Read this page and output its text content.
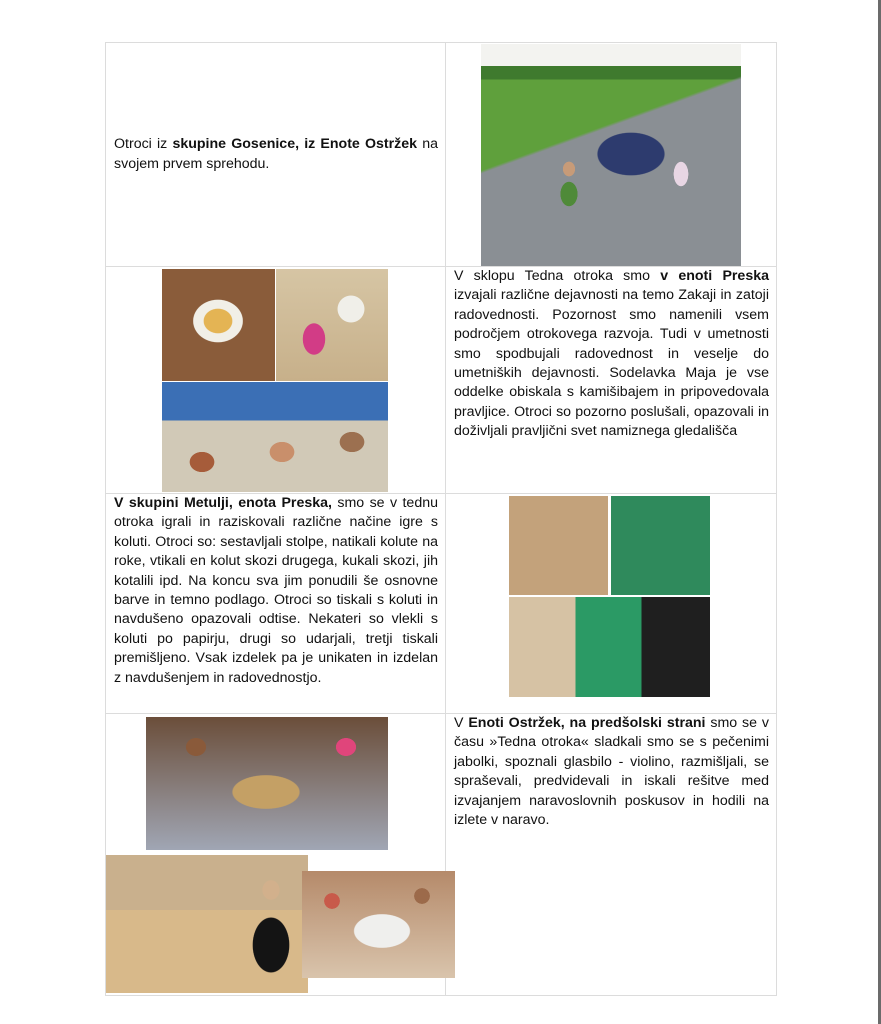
Otroci iz skupine Gosenice, iz Enote Ostržek na svojem prvem sprehodu.	

	V sklopu Tedna otroka smo v enoti Preska izvajali različne dejavnosti na temo Zakaji in zatoji radovednosti. Pozornost smo namenili vsem področjem otrokovega razvoja. Tudi v umetnosti smo spodbujali radovednost in veselje do umetniških dejavnosti. Sodelavka Maja je vse oddelke obiskala s kamišibajem in pripovedovala pravljice. Otroci so pozorno poslušali, opazovali in doživljali pravljični svet namiznega gledališča

V skupini Metulji, enota Preska, smo se v tednu otroka igrali in raziskovali različne načine igre s koluti. Otroci so: sestavljali stolpe, natikali kolute na roke, vtikali en kolut skozi drugega, kukali skozi, jih kotalili ipd. Na koncu sva jim ponudili še osnovne barve in temno podlago. Otroci so tiskali s koluti in navdušeno opazovali odtise. Nekateri so vlekli s koluti po papirju, drugi so udarjali, tretji tiskali premišljeno. Vsak izdelek pa je unikaten in izdelan z navdušenjem in radovednostjo.	

	V Enoti Ostržek, na predšolski strani smo se v času »Tedna otroka« sladkali smo se s pečenimi jabolki, spoznali glasbilo - violino, razmišljali, se spraševali, predvidevali in iskali rešitve med izvajanjem naravoslovnih poskusov in hodili na izlete v naravo.
